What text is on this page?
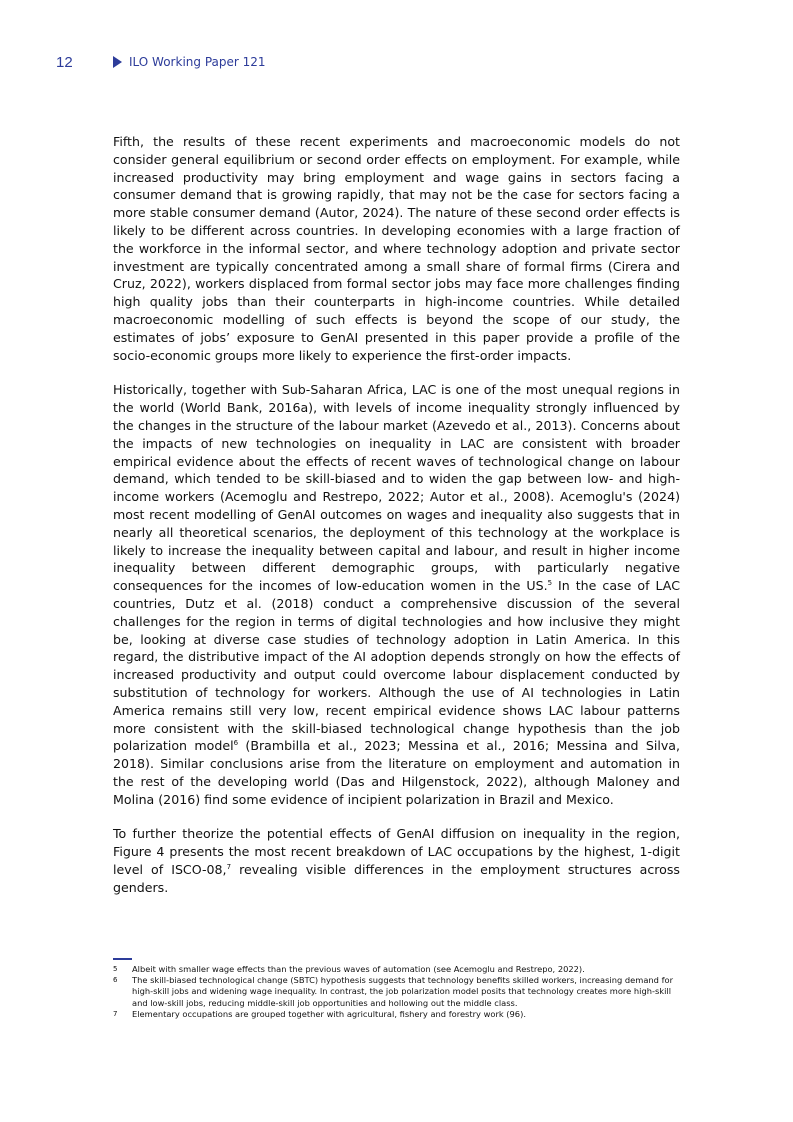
12	ILO Working Paper 121

Fifth, the results of these recent experiments and macroeconomic models do not consider general equilibrium or second order effects on employment. For example, while increased productivity may bring employment and wage gains in sectors facing a consumer demand that is growing rapidly, that may not be the case for sectors facing a more stable consumer demand (Autor, 2024). The nature of these second order effects is likely to be different across countries. In developing economies with a large fraction of the workforce in the informal sector, and where technology adoption and private sector investment are typically concentrated among a small share of formal firms (Cirera and Cruz, 2022), workers displaced from formal sector jobs may face more challenges finding high quality jobs than their counterparts in high-income countries. While detailed macroeconomic modelling of such effects is beyond the scope of our study, the estimates of jobs’ exposure to GenAI presented in this paper provide a profile of the socio-economic groups more likely to experience the first-order impacts.

Historically, together with Sub-Saharan Africa, LAC is one of the most unequal regions in the world (World Bank, 2016a), with levels of income inequality strongly influenced by the changes in the structure of the labour market (Azevedo et al., 2013). Concerns about the impacts of new technologies on inequality in LAC are consistent with broader empirical evidence about the effects of recent waves of technological change on labour demand, which tended to be skill-biased and to widen the gap between low- and high-income workers (Acemoglu and Restrepo, 2022; Autor et al., 2008). Acemoglu's (2024) most recent modelling of GenAI outcomes on wages and inequality also suggests that in nearly all theoretical scenarios, the deployment of this technology at the workplace is likely to increase the inequality between capital and labour, and result in higher income inequality between different demographic groups, with particularly negative consequences for the incomes of low-education women in the US.$^5$ In the case of LAC countries, Dutz et al. (2018) conduct a comprehensive discussion of the several challenges for the region in terms of digital technologies and how inclusive they might be, looking at diverse case studies of technology adoption in Latin America. In this regard, the distributive impact of the AI adoption depends strongly on how the effects of increased productivity and output could overcome labour displacement conducted by substitution of technology for workers. Although the use of AI technologies in Latin America remains still very low, recent empirical evidence shows LAC labour patterns more consistent with the skill-biased technological change hypothesis than the job polarization model$^6$ (Brambilla et al., 2023; Messina et al., 2016; Messina and Silva, 2018). Similar conclusions arise from the literature on employment and automation in the rest of the developing world (Das and Hilgenstock, 2022), although Maloney and Molina (2016) find some evidence of incipient polarization in Brazil and Mexico.

To further theorize the potential effects of GenAI diffusion on inequality in the region, Figure 4 presents the most recent breakdown of LAC occupations by the highest, 1-digit level of ISCO-08,$^7$ revealing visible differences in the employment structures across genders.

5	Albeit with smaller wage effects than the previous waves of automation (see Acemoglu and Restrepo, 2022).
6	The skill-biased technological change (SBTC) hypothesis suggests that technology benefits skilled workers, increasing demand for high-skill jobs and widening wage inequality. In contrast, the job polarization model posits that technology creates more high-skill and low-skill jobs, reducing middle-skill job opportunities and hollowing out the middle class.
7	Elementary occupations are grouped together with agricultural, fishery and forestry work (96).
